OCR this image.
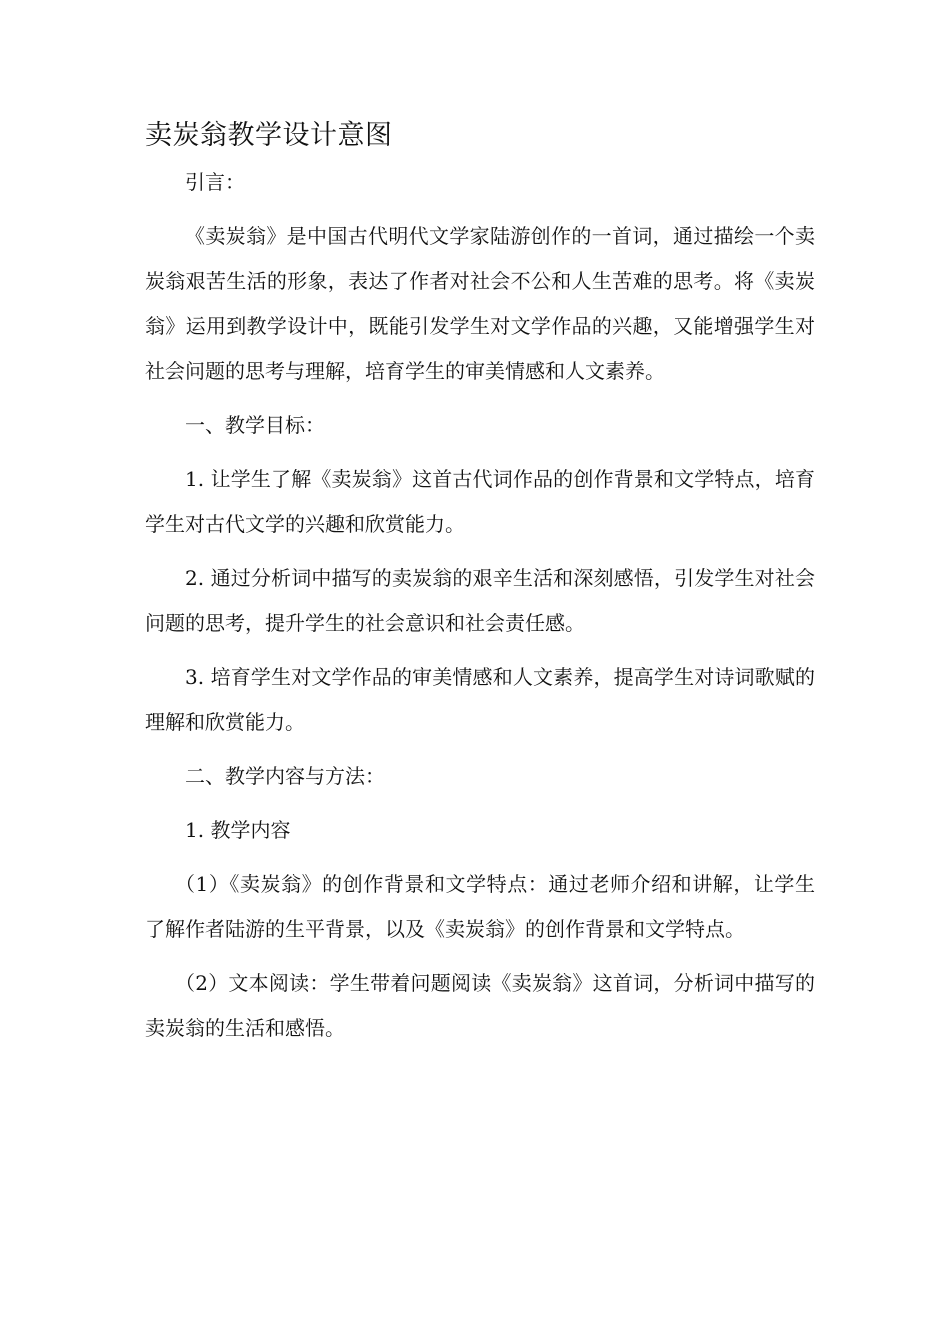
卖炭翁教学设计意图

引言：

《卖炭翁》是中国古代明代文学家陆游创作的一首词，通过描绘一个卖炭翁艰苦生活的形象，表达了作者对社会不公和人生苦难的思考。将《卖炭翁》运用到教学设计中，既能引发学生对文学作品的兴趣，又能增强学生对社会问题的思考与理解，培育学生的审美情感和人文素养。

一、教学目标：

1. 让学生了解《卖炭翁》这首古代词作品的创作背景和文学特点，培育学生对古代文学的兴趣和欣赏能力。

2. 通过分析词中描写的卖炭翁的艰辛生活和深刻感悟，引发学生对社会问题的思考，提升学生的社会意识和社会责任感。

3. 培育学生对文学作品的审美情感和人文素养，提高学生对诗词歌赋的理解和欣赏能力。

二、教学内容与方法：

1. 教学内容

（1）《卖炭翁》的创作背景和文学特点：通过老师介绍和讲解，让学生了解作者陆游的生平背景，以及《卖炭翁》的创作背景和文学特点。

（2）文本阅读：学生带着问题阅读《卖炭翁》这首词，分析词中描写的卖炭翁的生活和感悟。
